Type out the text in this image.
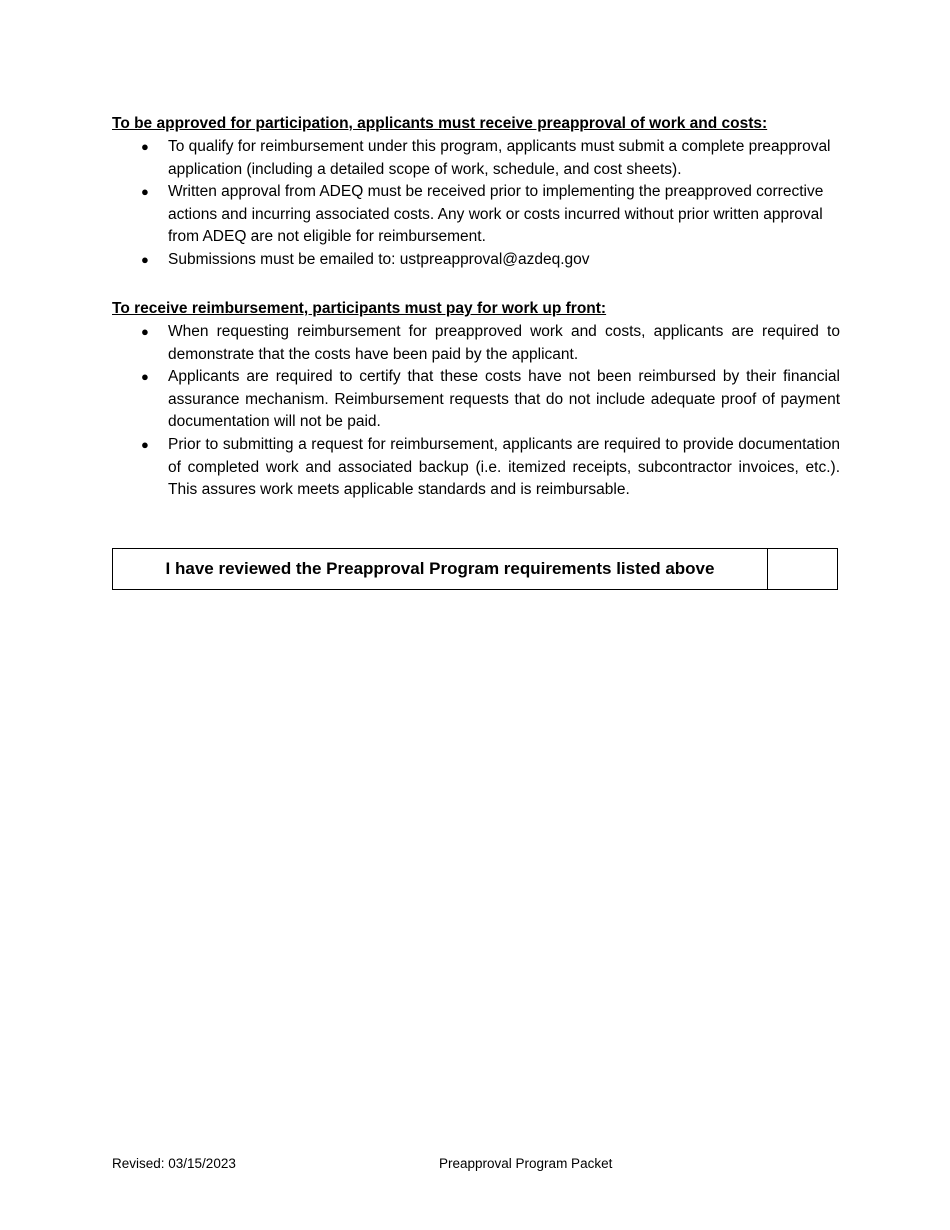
To be approved for participation, applicants must receive preapproval of work and costs:
● To qualify for reimbursement under this program, applicants must submit a complete preapproval application (including a detailed scope of work, schedule, and cost sheets).
● Written approval from ADEQ must be received prior to implementing the preapproved corrective actions and incurring associated costs. Any work or costs incurred without prior written approval from ADEQ are not eligible for reimbursement.
● Submissions must be emailed to: ustpreapproval@azdeq.gov
To receive reimbursement, participants must pay for work up front:
● When requesting reimbursement for preapproved work and costs, applicants are required to demonstrate that the costs have been paid by the applicant.
● Applicants are required to certify that these costs have not been reimbursed by their financial assurance mechanism. Reimbursement requests that do not include adequate proof of payment documentation will not be paid.
● Prior to submitting a request for reimbursement, applicants are required to provide documentation of completed work and associated backup (i.e. itemized receipts, subcontractor invoices, etc.). This assures work meets applicable standards and is reimbursable.
I have reviewed the Preapproval Program requirements listed above
Revised: 03/15/2023	Preapproval Program Packet
